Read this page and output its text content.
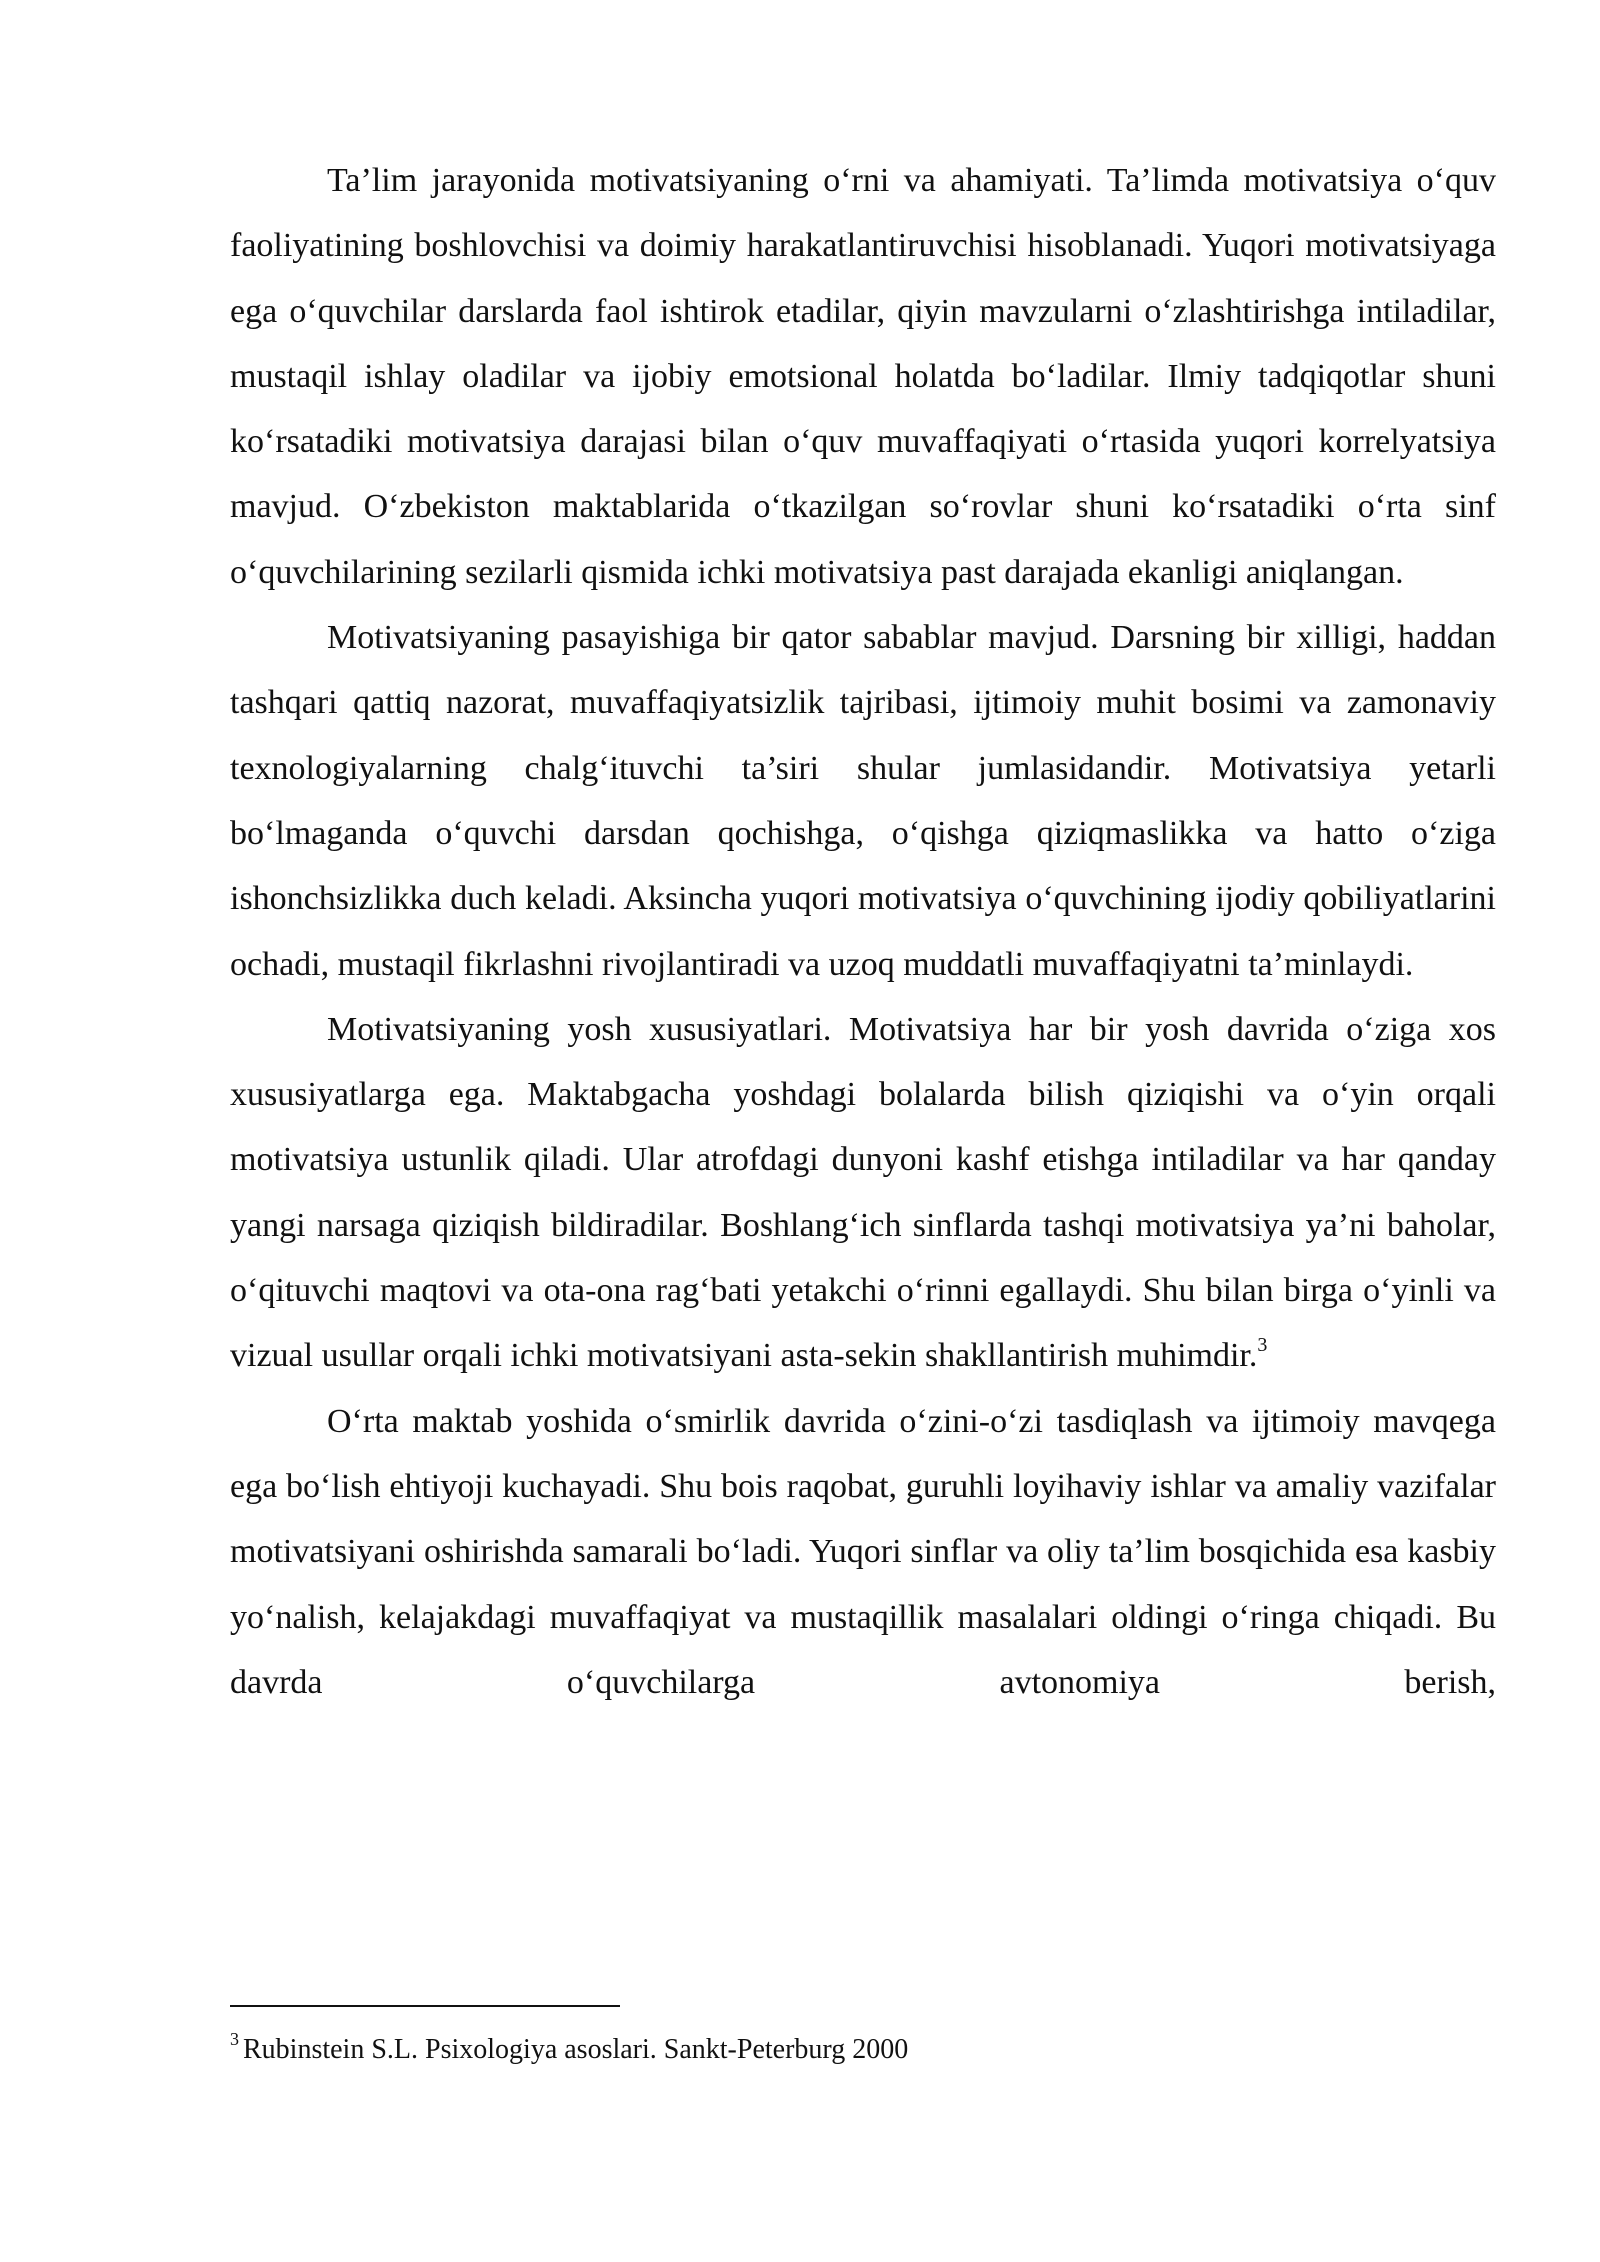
Ta’lim jarayonida motivatsiyaning o‘rni va ahamiyati. Ta’limda motivatsiya o‘quv faoliyatining boshlovchisi va doimiy harakatlantiruvchisi hisoblanadi. Yuqori motivatsiyaga ega o‘quvchilar darslarda faol ishtirok etadilar, qiyin mavzularni o‘zlashtirishga intiladilar, mustaqil ishlay oladilar va ijobiy emotsional holatda bo‘ladilar. Ilmiy tadqiqotlar shuni ko‘rsatadiki motivatsiya darajasi bilan o‘quv muvaffaqiyati o‘rtasida yuqori korrelyatsiya mavjud. O‘zbekiston maktablarida o‘tkazilgan so‘rovlar shuni ko‘rsatadiki o‘rta sinf o‘quvchilarining sezilarli qismida ichki motivatsiya past darajada ekanligi aniqlangan.

Motivatsiyaning pasayishiga bir qator sabablar mavjud. Darsning bir xilligi, haddan tashqari qattiq nazorat, muvaffaqiyatsizlik tajribasi, ijtimoiy muhit bosimi va zamonaviy texnologiyalarning chalg‘ituvchi ta’siri shular jumlasidandir. Motivatsiya yetarli bo‘lmaganda o‘quvchi darsdan qochishga, o‘qishga qiziqmaslikka va hatto o‘ziga ishonchsizlikka duch keladi. Aksincha yuqori motivatsiya o‘quvchining ijodiy qobiliyatlarini ochadi, mustaqil fikrlashni rivojlantiradi va uzoq muddatli muvaffaqiyatni ta’minlaydi.

Motivatsiyaning yosh xususiyatlari. Motivatsiya har bir yosh davrida o‘ziga xos xususiyatlarga ega. Maktabgacha yoshdagi bolalarda bilish qiziqishi va o‘yin orqali motivatsiya ustunlik qiladi. Ular atrofdagi dunyoni kashf etishga intiladilar va har qanday yangi narsaga qiziqish bildiradilar. Boshlang‘ich sinflarda tashqi motivatsiya ya’ni baholar, o‘qituvchi maqtovi va ota-ona rag‘bati yetakchi o‘rinni egallaydi. Shu bilan birga o‘yinli va vizual usullar orqali ichki motivatsiyani asta-sekin shakllantirish muhimdir.$^3$

O‘rta maktab yoshida o‘smirlik davrida o‘zini-o‘zi tasdiqlash va ijtimoiy mavqega ega bo‘lish ehtiyoji kuchayadi. Shu bois raqobat, guruhli loyihaviy ishlar va amaliy vazifalar motivatsiyani oshirishda samarali bo‘ladi. Yuqori sinflar va oliy ta’lim bosqichida esa kasbiy yo‘nalish, kelajakdagi muvaffaqiyat va mustaqillik masalalari oldingi o‘ringa chiqadi. Bu davrda o‘quvchilarga avtonomiya berish,

$^3$ Rubinstein S.L. Psixologiya asoslari. Sankt-Peterburg 2000
